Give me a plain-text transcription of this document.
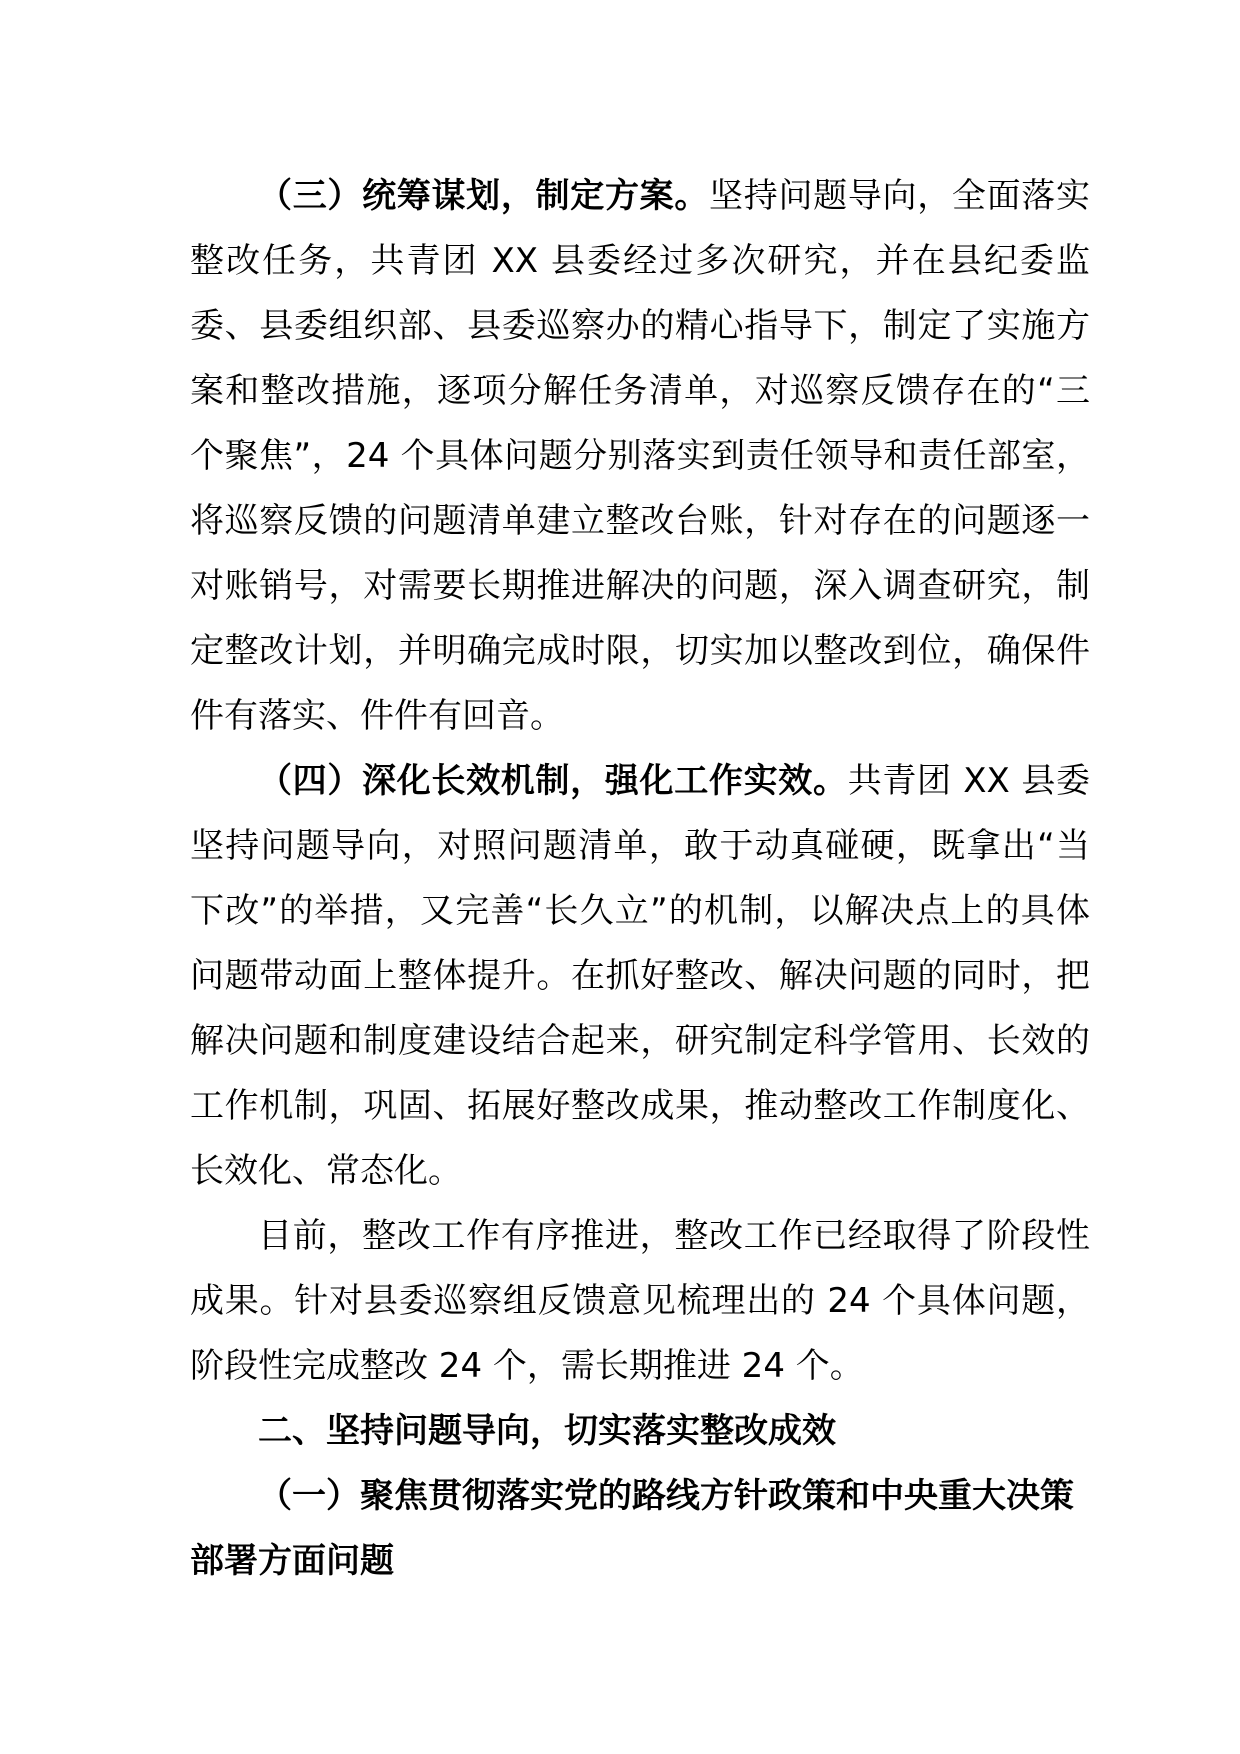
（三）统筹谋划，制定方案。坚持问题导向，全面落实整改任务，共青团 XX 县委经过多次研究，并在县纪委监委、县委组织部、县委巡察办的精心指导下，制定了实施方案和整改措施，逐项分解任务清单，对巡察反馈存在的“三个聚焦”，24 个具体问题分别落实到责任领导和责任部室，将巡察反馈的问题清单建立整改台账，针对存在的问题逐一对账销号，对需要长期推进解决的问题，深入调查研究，制定整改计划，并明确完成时限，切实加以整改到位，确保件件有落实、件件有回音。

（四）深化长效机制，强化工作实效。共青团 XX 县委坚持问题导向，对照问题清单，敢于动真碰硬，既拿出“当下改”的举措，又完善“长久立”的机制，以解决点上的具体问题带动面上整体提升。在抓好整改、解决问题的同时，把解决问题和制度建设结合起来，研究制定科学管用、长效的工作机制，巩固、拓展好整改成果，推动整改工作制度化、长效化、常态化。

目前，整改工作有序推进，整改工作已经取得了阶段性成果。针对县委巡察组反馈意见梳理出的 24 个具体问题，阶段性完成整改 24 个，需长期推进 24 个。

二、坚持问题导向，切实落实整改成效

（一）聚焦贯彻落实党的路线方针政策和中央重大决策部署方面问题
